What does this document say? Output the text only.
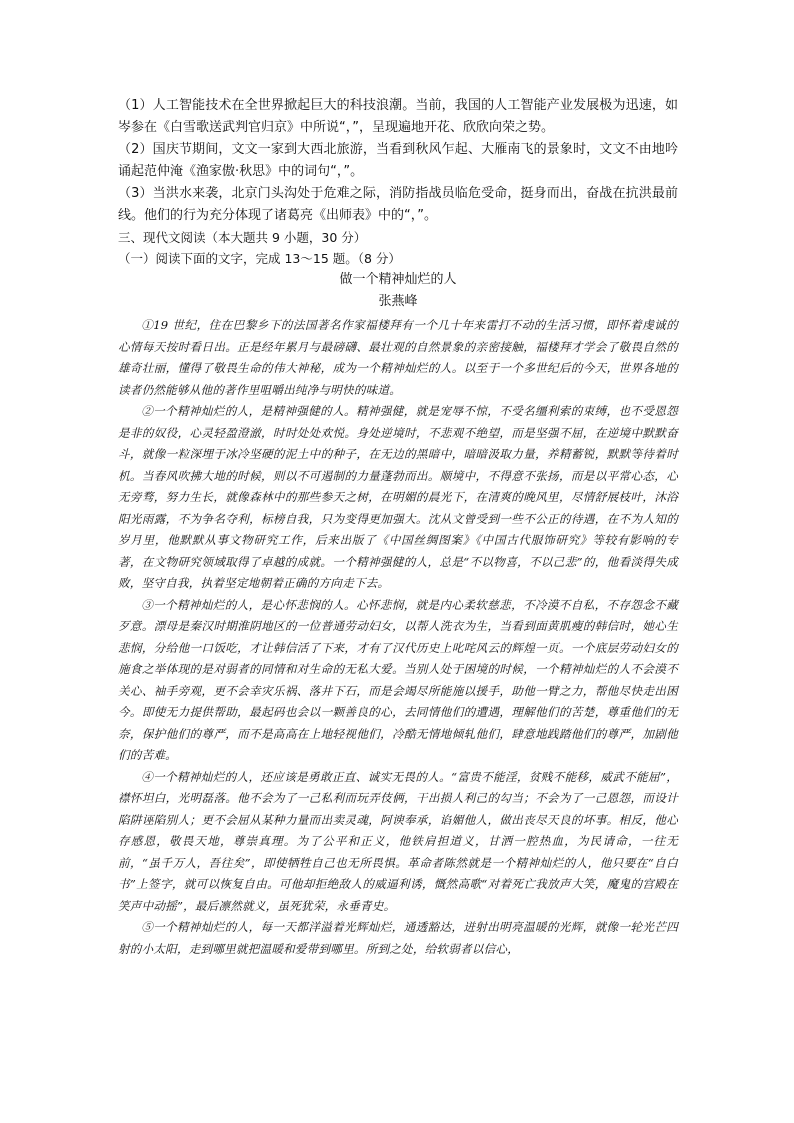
（1）人工智能技术在全世界掀起巨大的科技浪潮。当前，我国的人工智能产业发展极为迅速，如岑参在《白雪歌送武判官归京》中所说“，”，呈现遍地开花、欣欣向荣之势。

（2）国庆节期间，文文一家到大西北旅游，当看到秋风乍起、大雁南飞的景象时，文文不由地吟诵起范仲淹《渔家傲·秋思》中的词句“，”。

（3）当洪水来袭，北京门头沟处于危难之际，消防指战员临危受命，挺身而出，奋战在抗洪最前线。他们的行为充分体现了诸葛亮《出师表》中的“，”。

三、现代文阅读（本大题共 9 小题，30 分）

（一）阅读下面的文字，完成 13～15 题。（8 分）

做一个精神灿烂的人

张燕峰

①19 世纪，住在巴黎乡下的法国著名作家福楼拜有一个几十年来雷打不动的生活习惯，即怀着虔诚的心情每天按时看日出。正是经年累月与最磅礴、最壮观的自然景象的亲密接触，福楼拜才学会了敬畏自然的雄奇壮丽，懂得了敬畏生命的伟大神秘，成为一个精神灿烂的人。以至于一个多世纪后的今天，世界各地的读者仍然能够从他的著作里咀嚼出纯净与明快的味道。

②一个精神灿烂的人，是精神强健的人。精神强健，就是宠辱不惊，不受名缰利索的束缚，也不受恩怨是非的奴役，心灵轻盈澄澈，时时处处欢悦。身处逆境时，不悲观不绝望，而是坚强不屈，在逆境中默默奋斗，就像一粒深埋于冰冷坚硬的泥土中的种子，在无边的黑暗中，暗暗汲取力量，养精蓄锐，默默等待着时机。当春风吹拂大地的时候，则以不可遏制的力量蓬勃而出。顺境中，不得意不张扬，而是以平常心态，心无旁骛，努力生长，就像森林中的那些参天之树，在明媚的晨光下，在清爽的晚风里，尽情舒展枝叶，沐浴阳光雨露，不为争名夺利，标榜自我，只为变得更加强大。沈从文曾受到一些不公正的待遇，在不为人知的岁月里，他默默从事文物研究工作，后来出版了《中国丝绸图案》《中国古代服饰研究》等较有影响的专著，在文物研究领域取得了卓越的成就。一个精神强健的人，总是“不以物喜，不以己悲”的，他看淡得失成败，坚守自我，执着坚定地朝着正确的方向走下去。

③一个精神灿烂的人，是心怀悲悯的人。心怀悲悯，就是内心柔软慈悲，不冷漠不自私，不存怨念不藏歹意。漂母是秦汉时期淮阴地区的一位普通劳动妇女，以帮人洗衣为生，当看到面黄肌瘦的韩信时，她心生悲悯，分给他一口饭吃，才让韩信活了下来，才有了汉代历史上叱咤风云的辉煌一页。一个底层劳动妇女的施食之举体现的是对弱者的同情和对生命的无私大爱。当别人处于困境的时候，一个精神灿烂的人不会漠不关心、袖手旁观，更不会幸灾乐祸、落井下石，而是会竭尽所能施以援手，助他一臂之力，帮他尽快走出困今。即使无力提供帮助，最起码也会以一颗善良的心，去同情他们的遭遇，理解他们的苦楚，尊重他们的无奈，保护他们的尊严，而不是高高在上地轻视他们，冷酷无情地倾轧他们，肆意地践踏他们的尊严，加剧他们的苦难。

④一个精神灿烂的人，还应该是勇敢正直、诚实无畏的人。“富贵不能淫，贫贱不能移，威武不能屈”，襟怀坦白，光明磊落。他不会为了一己私利而玩弄伎俩，干出损人利己的勾当；不会为了一己恩怨，而设计陷阱诬陷别人；更不会屈从某种力量而出卖灵魂，阿谀奉承，谄媚他人，做出丧尽天良的坏事。相反，他心存感恩，敬畏天地，尊崇真理。为了公平和正义，他铁肩担道义，甘洒一腔热血，为民请命，一往无前，“虽千万人，吾往矣”，即使牺牲自己也无所畏惧。革命者陈然就是一个精神灿烂的人，他只要在“自白书”上签字，就可以恢复自由。可他却拒绝敌人的威逼利诱，慨然高歌“对着死亡我放声大笑，魔鬼的宫殿在笑声中动摇”，最后凛然就义，虽死犹荣，永垂青史。

⑤一个精神灿烂的人，每一天都洋溢着光辉灿烂，通透豁达，迸射出明亮温暖的光辉，就像一轮光芒四射的小太阳，走到哪里就把温暖和爱带到哪里。所到之处，给软弱者以信心，
